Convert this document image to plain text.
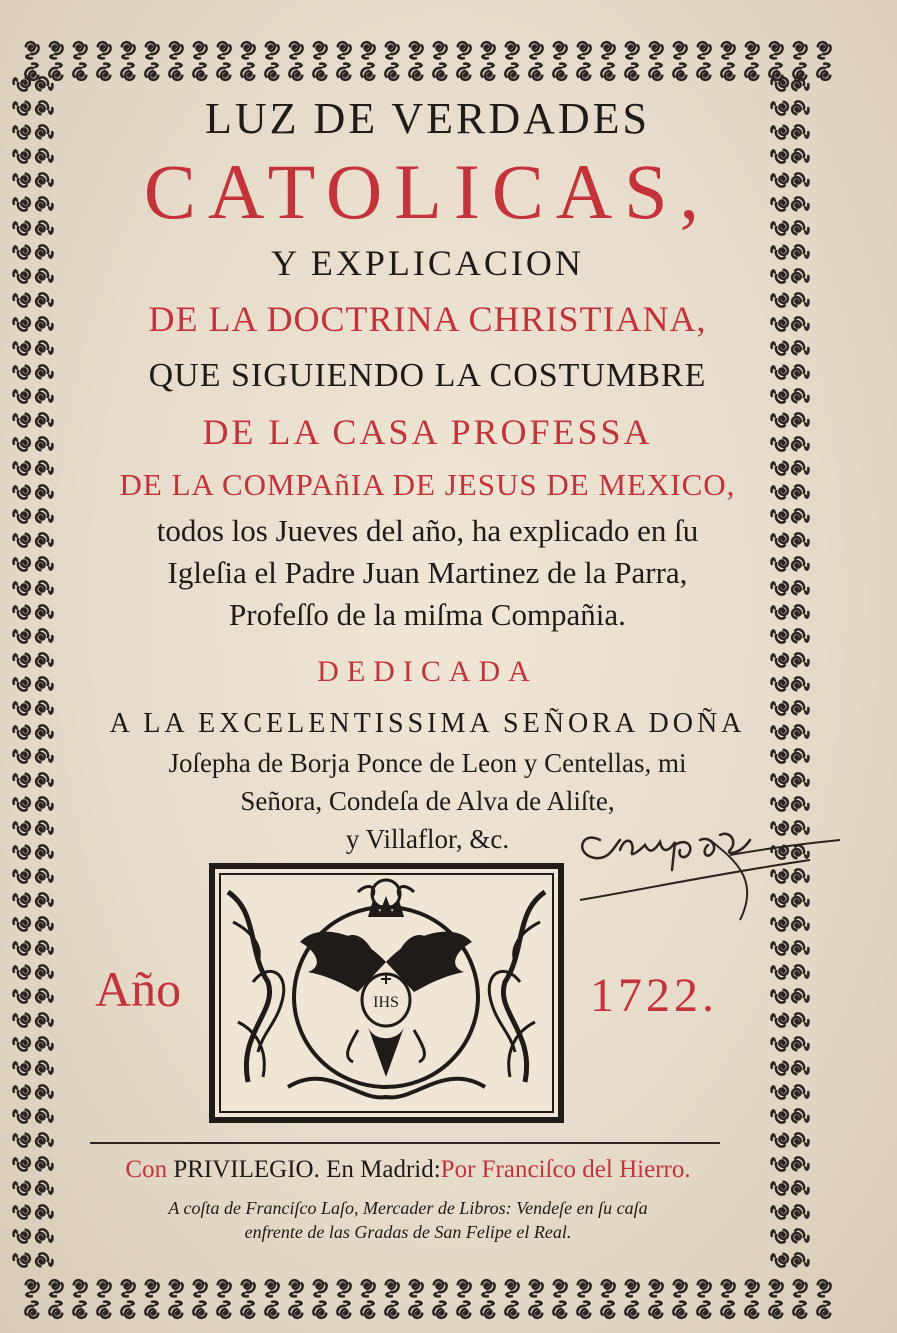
LUZ DE VERDADES
CATOLICAS,
Y EXPLICACION
DE LA DOCTRINA CHRISTIANA,
QUE SIGUIENDO LA COSTUMBRE
DE LA CASA PROFESSA
DE LA COMPAñIA DE JESUS DE MEXICO,
todos los Jueves del año, ha explicado en ſu
Igleſia el Padre Juan Martinez de la Parra,
Profeſſo de la miſma Compañia.
DEDICADA
A LA EXCELENTISSIMA SEÑORA DOÑA
Joſepha de Borja Ponce de Leon y Centellas, mi
Señora, Condeſa de Alva de Aliſte,
y Villaflor, &c.
Año	1722.
IHS
Con PRIVILEGIO. En Madrid:Por Franciſco del Hierro.
A coſta de Franciſco Laſo, Mercader de Libros: Vendeſe en ſu caſa
enfrente de las Gradas de San Felipe el Real.
